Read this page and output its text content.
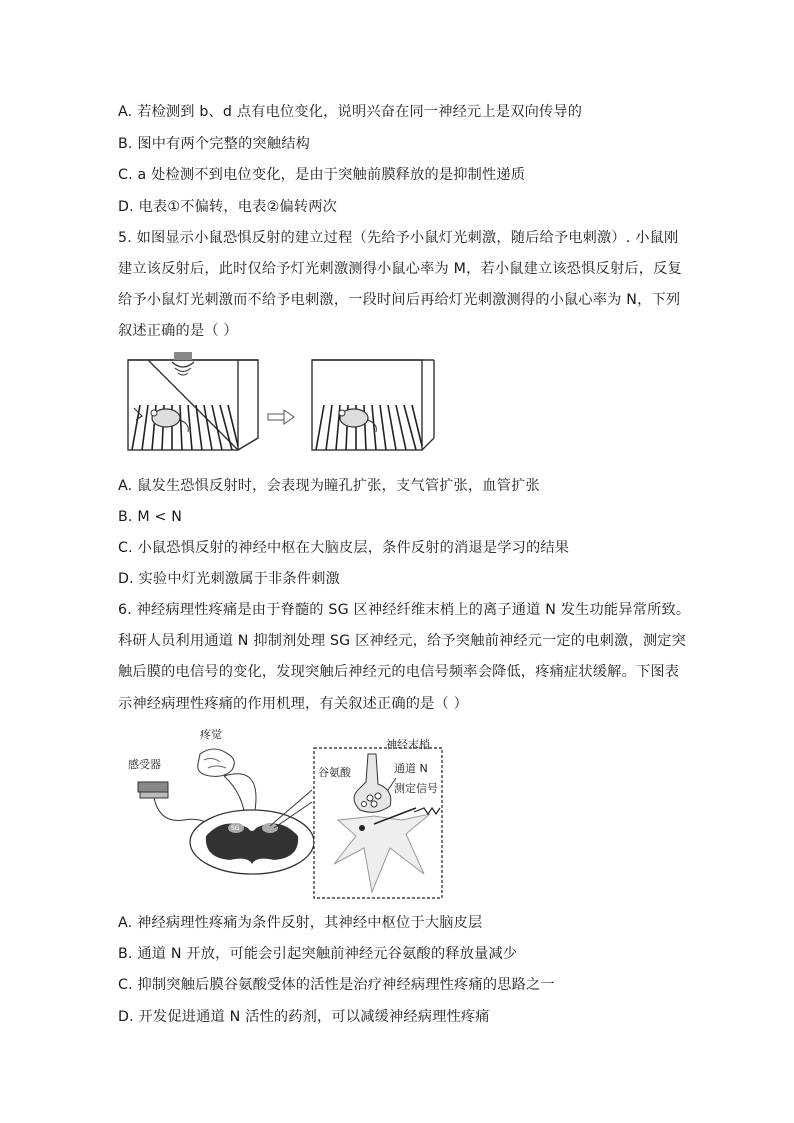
A. 若检测到 b、d 点有电位变化，说明兴奋在同一神经元上是双向传导的
B. 图中有两个完整的突触结构
C. a 处检测不到电位变化，是由于突触前膜释放的是抑制性递质
D. 电表①不偏转，电表②偏转两次
5. 如图显示小鼠恐惧反射的建立过程（先给予小鼠灯光刺激，随后给予电刺激）. 小鼠刚
建立该反射后，此时仅给予灯光刺激测得小鼠心率为 M，若小鼠建立该恐惧反射后，反复
给予小鼠灯光刺激而不给予电刺激，一段时间后再给灯光刺激测得的小鼠心率为 N，下列
叙述正确的是（ ）
A. 鼠发生恐惧反射时，会表现为瞳孔扩张，支气管扩张，血管扩张
B. M < N
C. 小鼠恐惧反射的神经中枢在大脑皮层，条件反射的消退是学习的结果
D. 实验中灯光刺激属于非条件刺激
6. 神经病理性疼痛是由于脊髓的 SG 区神经纤维末梢上的离子通道 N 发生功能异常所致。
科研人员利用通道 N 抑制剂处理 SG 区神经元，给予突触前神经元一定的电刺激，测定突
触后膜的电信号的变化，发现突触后神经元的电信号频率会降低，疼痛症状缓解。下图表
示神经病理性疼痛的作用机理，有关叙述正确的是（ ）
疼觉
感受器
SG
神经末梢
谷氨酸	通道 N
测定信号
A. 神经病理性疼痛为条件反射，其神经中枢位于大脑皮层
B. 通道 N 开放，可能会引起突触前神经元谷氨酸的释放量减少
C. 抑制突触后膜谷氨酸受体的活性是治疗神经病理性疼痛的思路之一
D. 开发促进通道 N 活性的药剂，可以减缓神经病理性疼痛
